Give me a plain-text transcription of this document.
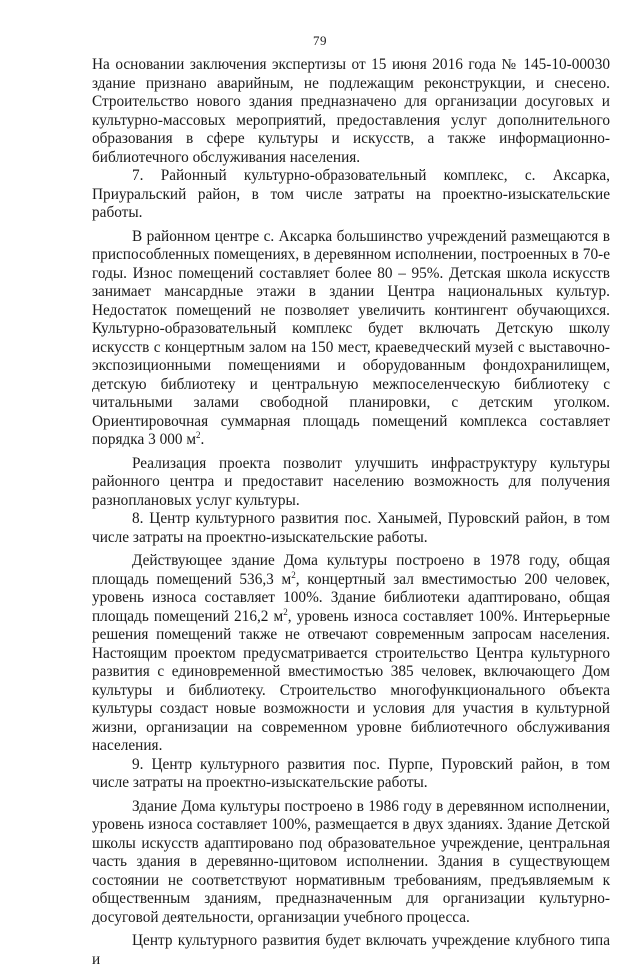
79

На основании заключения экспертизы от 15 июня 2016 года № 145-10-00030 здание признано аварийным, не подлежащим реконструкции, и снесено. Строительство нового здания предназначено для организации досуговых и культурно-массовых мероприятий, предоставления услуг дополнительного образования в сфере культуры и искусств, а также информационно-библиотечного обслуживания населения.

7. Районный культурно-образовательный комплекс, с. Аксарка, Приуральский район, в том числе затраты на проектно-изыскательские работы.

В районном центре с. Аксарка большинство учреждений размещаются в приспособленных помещениях, в деревянном исполнении, построенных в 70-е годы. Износ помещений составляет более 80 – 95%. Детская школа искусств занимает мансардные этажи в здании Центра национальных культур. Недостаток помещений не позволяет увеличить контингент обучающихся. Культурно-образовательный комплекс будет включать Детскую школу искусств с концертным залом на 150 мест, краеведческий музей с выставочно-экспозиционными помещениями и оборудованным фондохранилищем, детскую библиотеку и центральную межпоселенческую библиотеку с читальными залами свободной планировки, с детским уголком. Ориентировочная суммарная площадь помещений комплекса составляет порядка 3 000 $м^2$.

Реализация проекта позволит улучшить инфраструктуру культуры районного центра и предоставит населению возможность для получения разноплановых услуг культуры.

8. Центр культурного развития пос. Ханымей, Пуровский район, в том числе затраты на проектно-изыскательские работы.

Действующее здание Дома культуры построено в 1978 году, общая площадь помещений 536,3 $м^2$, концертный зал вместимостью 200 человек, уровень износа составляет 100%. Здание библиотеки адаптировано, общая площадь помещений 216,2 $м^2$, уровень износа составляет 100%. Интерьерные решения помещений также не отвечают современным запросам населения. Настоящим проектом предусматривается строительство Центра культурного развития с единовременной вместимостью 385 человек, включающего Дом культуры и библиотеку. Строительство многофункционального объекта культуры создаст новые возможности и условия для участия в культурной жизни, организации на современном уровне библиотечного обслуживания населения.

9. Центр культурного развития пос. Пурпе, Пуровский район, в том числе затраты на проектно-изыскательские работы.

Здание Дома культуры построено в 1986 году в деревянном исполнении, уровень износа составляет 100%, размещается в двух зданиях. Здание Детской школы искусств адаптировано под образовательное учреждение, центральная часть здания в деревянно-щитовом исполнении. Здания в существующем состоянии не соответствуют нормативным требованиям, предъявляемым к общественным зданиям, предназначенным для организации культурно-досуговой деятельности, организации учебного процесса.

Центр культурного развития будет включать учреждение клубного типа и
